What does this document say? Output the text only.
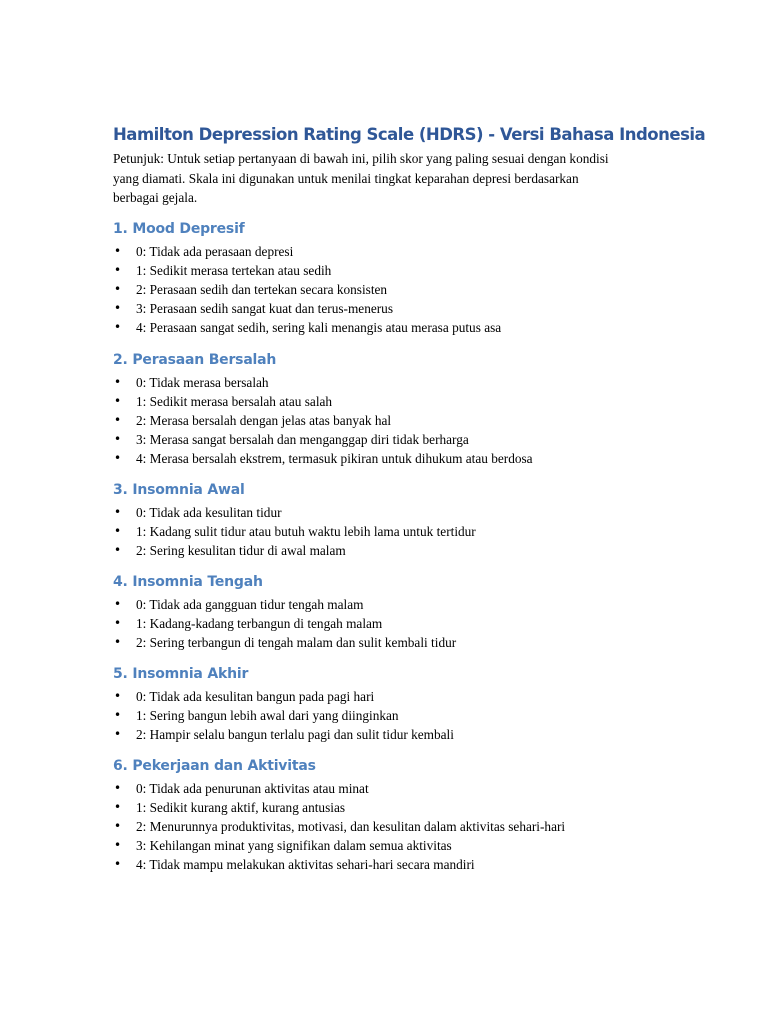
Hamilton Depression Rating Scale (HDRS) - Versi Bahasa Indonesia

Petunjuk: Untuk setiap pertanyaan di bawah ini, pilih skor yang paling sesuai dengan kondisi yang diamati. Skala ini digunakan untuk menilai tingkat keparahan depresi berdasarkan berbagai gejala.

1. Mood Depresif
• 0: Tidak ada perasaan depresi
• 1: Sedikit merasa tertekan atau sedih
• 2: Perasaan sedih dan tertekan secara konsisten
• 3: Perasaan sedih sangat kuat dan terus-menerus
• 4: Perasaan sangat sedih, sering kali menangis atau merasa putus asa
2. Perasaan Bersalah
• 0: Tidak merasa bersalah
• 1: Sedikit merasa bersalah atau salah
• 2: Merasa bersalah dengan jelas atas banyak hal
• 3: Merasa sangat bersalah dan menganggap diri tidak berharga
• 4: Merasa bersalah ekstrem, termasuk pikiran untuk dihukum atau berdosa
3. Insomnia Awal
• 0: Tidak ada kesulitan tidur
• 1: Kadang sulit tidur atau butuh waktu lebih lama untuk tertidur
• 2: Sering kesulitan tidur di awal malam
4. Insomnia Tengah
• 0: Tidak ada gangguan tidur tengah malam
• 1: Kadang-kadang terbangun di tengah malam
• 2: Sering terbangun di tengah malam dan sulit kembali tidur
5. Insomnia Akhir
• 0: Tidak ada kesulitan bangun pada pagi hari
• 1: Sering bangun lebih awal dari yang diinginkan
• 2: Hampir selalu bangun terlalu pagi dan sulit tidur kembali
6. Pekerjaan dan Aktivitas
• 0: Tidak ada penurunan aktivitas atau minat
• 1: Sedikit kurang aktif, kurang antusias
• 2: Menurunnya produktivitas, motivasi, dan kesulitan dalam aktivitas sehari-hari
• 3: Kehilangan minat yang signifikan dalam semua aktivitas
• 4: Tidak mampu melakukan aktivitas sehari-hari secara mandiri
